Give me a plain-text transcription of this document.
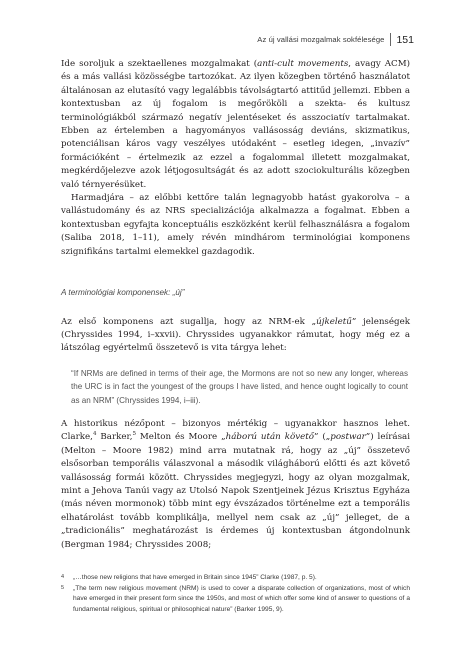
Az új vallási mozgalmak sokfélesége 151

Ide soroljuk a szektaellenes mozgalmakat (anti-cult movements, avagy ACM) és a más vallási közösségbe tartozókat. Az ilyen közegben történő használatot általánosan az elutasító vagy legalábbis távolságtartó attitűd jellemzi. Ebben a kontextusban az új fogalom is megőrököli a szekta- és kultusz terminológiákból származó negatív jelentéseket és asszociatív tartalmakat. Ebben az értelemben a hagyományos vallásosság deviáns, skizmatikus, potenciálisan káros vagy veszélyes utódaként – esetleg idegen, „invazív” formációként – értelmezik az ezzel a fogalommal illetett mozgalmakat, megkérdőjelezve azok létjogosultságát és az adott szociokulturális közegben való térnyerésüket.

Harmadjára – az előbbi kettőre talán legnagyobb hatást gyakorolva – a vallástudomány és az NRS specializációja alkalmazza a fogalmat. Ebben a kontextusban egyfajta konceptuális eszközként kerül felhasználásra a fogalom (Saliba 2018, 1–11), amely révén mindhárom terminológiai komponens szignifikáns tartalmi elemekkel gazdagodik.

A terminológiai komponensek: „új”

Az első komponens azt sugallja, hogy az NRM-ek „újkeletű” jelenségek (Chryssides 1994, i–xxvii). Chryssides ugyanakkor rámutat, hogy még ez a látszólag egyértelmű összetevő is vita tárgya lehet:

“If NRMs are defined in terms of their age, the Mormons are not so new any longer, whereas the URC is in fact the youngest of the groups I have listed, and hence ought logically to count as an NRM” (Chryssides 1994, i–iii).

A historikus nézőpont – bizonyos mértékig – ugyanakkor hasznos lehet. Clarke,$^4$ Barker,$^5$ Melton és Moore „háború után követő” („postwar”) leírásai (Melton – Moore 1982) mind arra mutatnak rá, hogy az „új” összetevő elsősorban temporális válaszvonal a második világháború előtti és azt követő vallásosság formái között. Chryssides megjegyzi, hogy az olyan mozgalmak, mint a Jehova Tanúi vagy az Utolsó Napok Szentjeinek Jézus Krisztus Egyháza (más néven mormonok) több mint egy évszázados történelme ezt a temporális elhatárolást tovább komplikálja, mellyel nem csak az „új” jelleget, de a „tradicionális” meghatározást is érdemes új kontextusban átgondolnunk (Bergman 1984; Chryssides 2008;

4	„…those new religions that have emerged in Britain since 1945” Clarke (1987, p. 5).
5	„The term new religious movement (NRM) is used to cover a disparate collection of organizations, most of which have emerged in their present form since the 1950s, and most of which offer some kind of answer to questions of a fundamental religious, spiritual or philosophical nature” (Barker 1995, 9).
